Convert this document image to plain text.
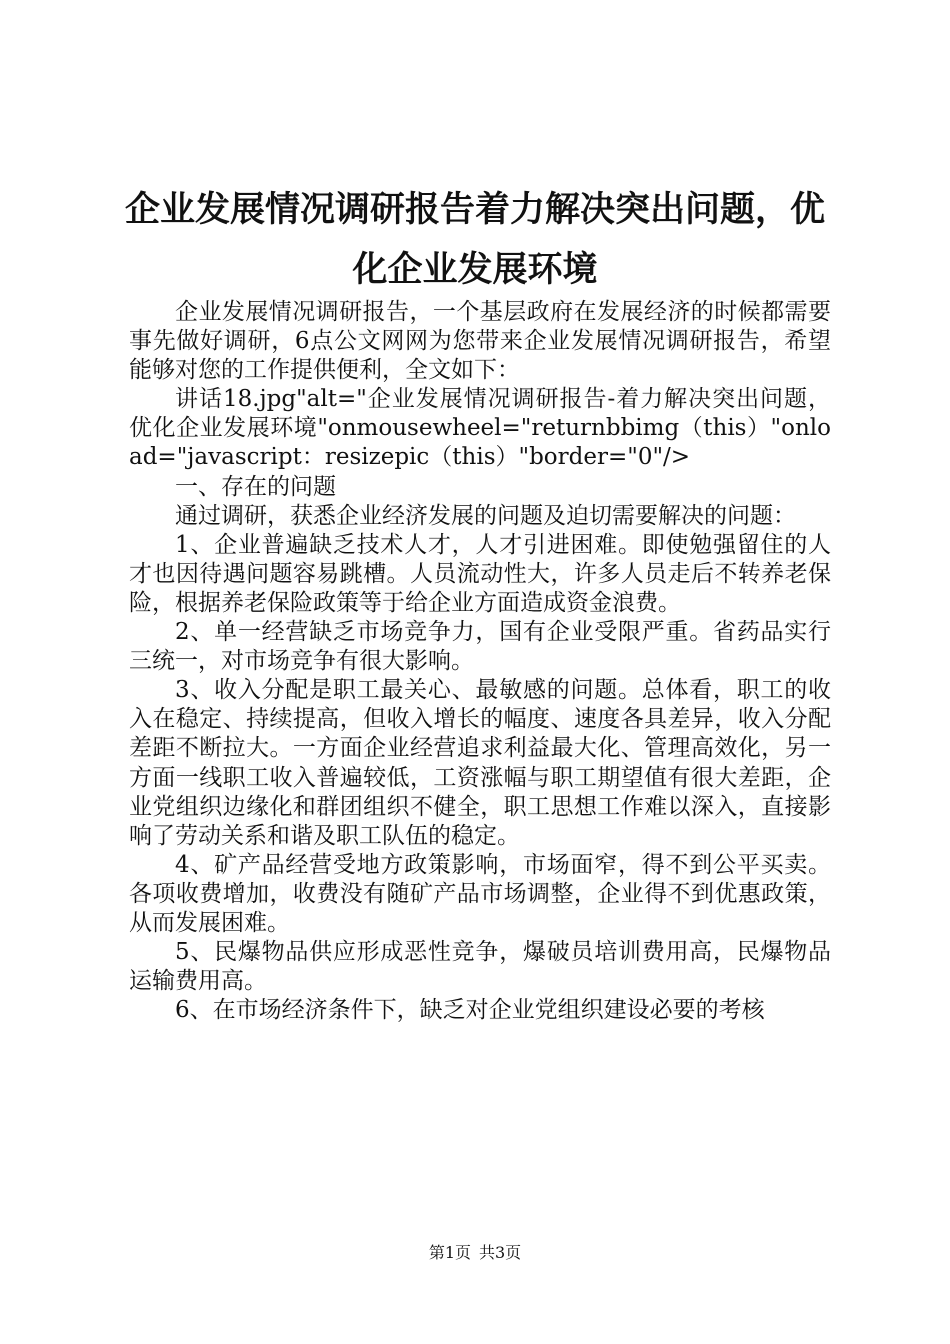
企业发展情况调研报告着力解决突出问题，优化企业发展环境

企业发展情况调研报告，一个基层政府在发展经济的时候都需要事先做好调研，6点公文网网为您带来企业发展情况调研报告，希望能够对您的工作提供便利，全文如下：

讲话18.jpg"alt="企业发展情况调研报告-着力解决突出问题，优化企业发展环境"onmousewheel="returnbbimg（this）"onload="javascript：resizepic（this）"border="0"/>

一、存在的问题

通过调研，获悉企业经济发展的问题及迫切需要解决的问题：

1、企业普遍缺乏技术人才，人才引进困难。即使勉强留住的人才也因待遇问题容易跳槽。人员流动性大，许多人员走后不转养老保险，根据养老保险政策等于给企业方面造成资金浪费。

2、单一经营缺乏市场竞争力，国有企业受限严重。省药品实行三统一，对市场竞争有很大影响。

3、收入分配是职工最关心、最敏感的问题。总体看，职工的收入在稳定、持续提高，但收入增长的幅度、速度各具差异，收入分配差距不断拉大。一方面企业经营追求利益最大化、管理高效化，另一方面一线职工收入普遍较低，工资涨幅与职工期望值有很大差距，企业党组织边缘化和群团组织不健全，职工思想工作难以深入，直接影响了劳动关系和谐及职工队伍的稳定。

4、矿产品经营受地方政策影响，市场面窄，得不到公平买卖。各项收费增加，收费没有随矿产品市场调整，企业得不到优惠政策，从而发展困难。

5、民爆物品供应形成恶性竞争，爆破员培训费用高，民爆物品运输费用高。

6、在市场经济条件下，缺乏对企业党组织建设必要的考核

第1页 共3页
